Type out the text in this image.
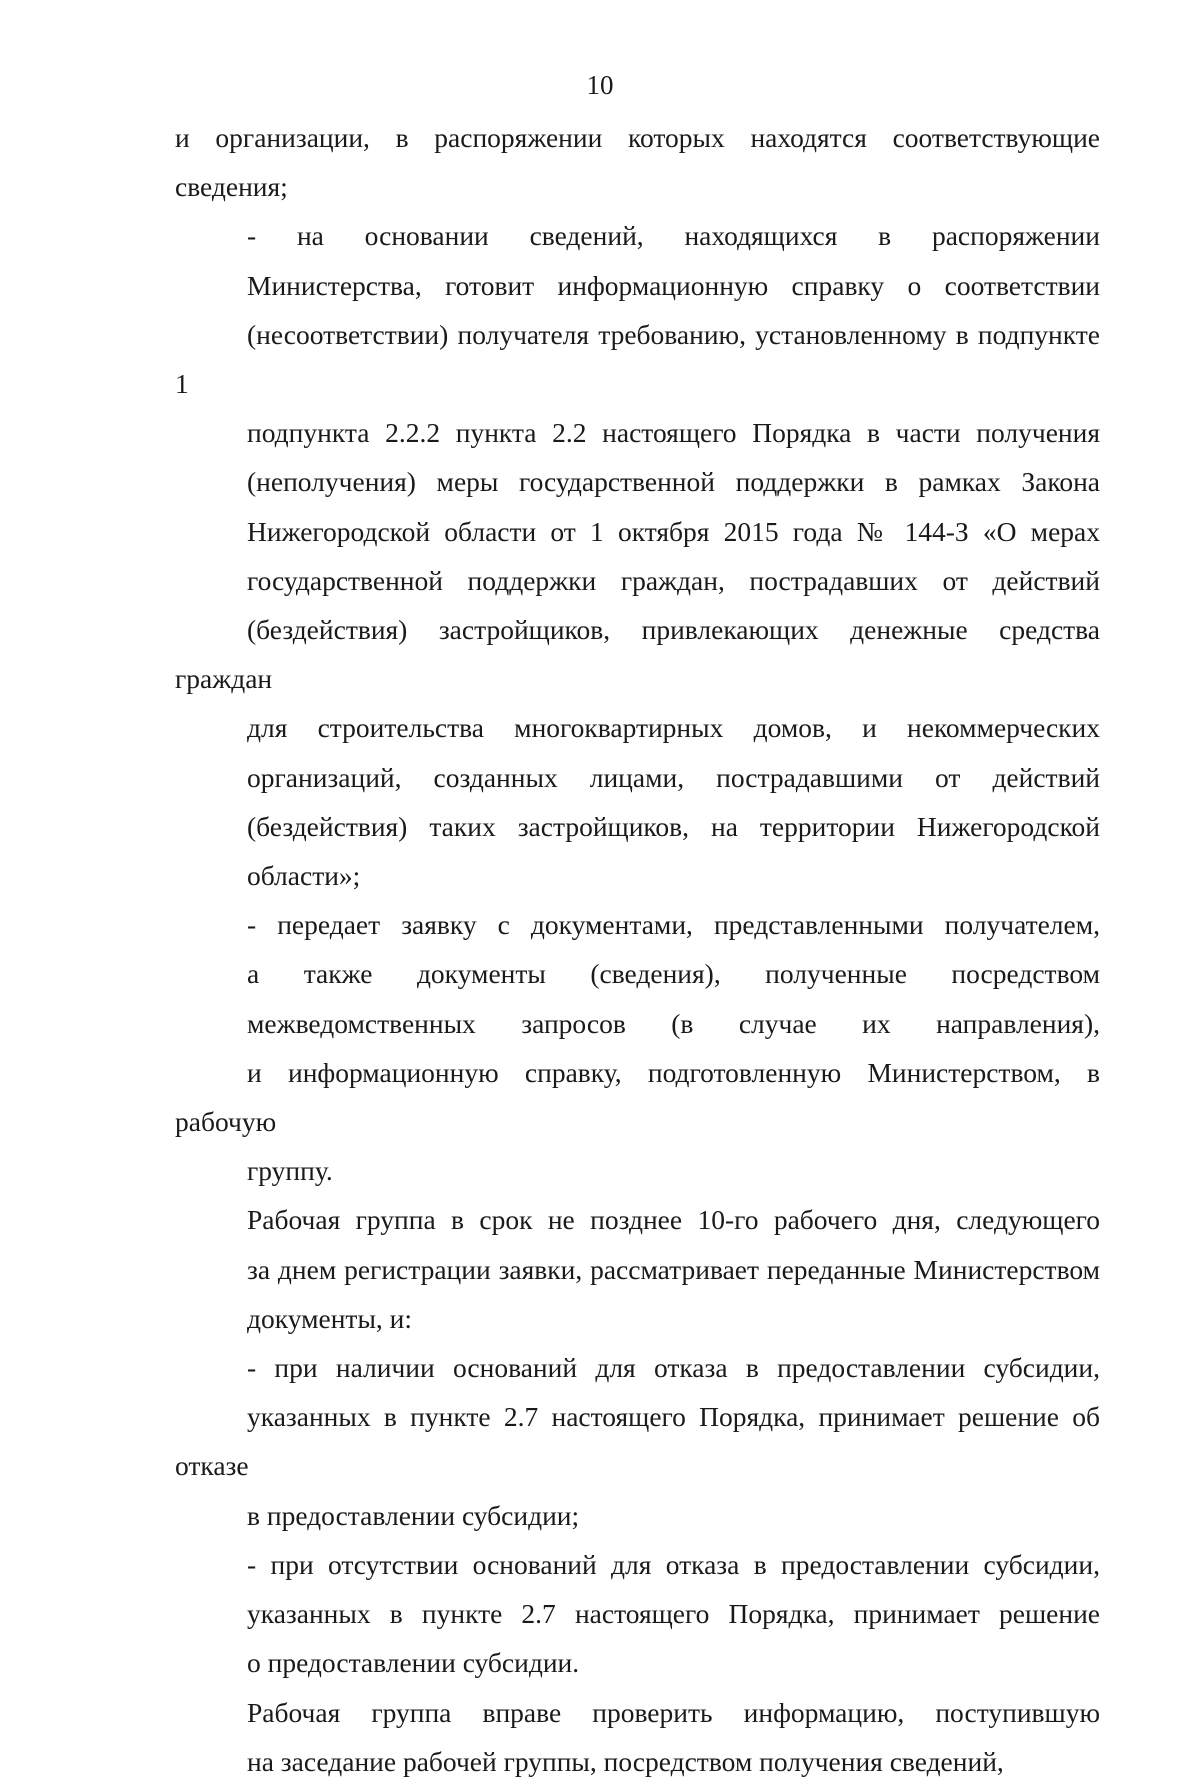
10

и организации, в распоряжении которых находятся соответствующие
сведения;

- на основании сведений, находящихся в распоряжении
Министерства, готовит информационную справку о соответствии
(несоответствии) получателя требованию, установленному в подпункте 1
подпункта 2.2.2 пункта 2.2 настоящего Порядка в части получения
(неполучения) меры государственной поддержки в рамках Закона
Нижегородской области от 1 октября 2015 года № 144-З «О мерах
государственной поддержки граждан, пострадавших от действий
(бездействия) застройщиков, привлекающих денежные средства граждан
для строительства многоквартирных домов, и некоммерческих
организаций, созданных лицами, пострадавшими от действий
(бездействия) таких застройщиков, на территории Нижегородской
области»;

- передает заявку с документами, представленными получателем,
а также документы (сведения), полученные посредством
межведомственных запросов (в случае их направления),
и информационную справку, подготовленную Министерством, в рабочую
группу.

Рабочая группа в срок не позднее 10-го рабочего дня, следующего
за днем регистрации заявки, рассматривает переданные Министерством
документы, и:

- при наличии оснований для отказа в предоставлении субсидии,
указанных в пункте 2.7 настоящего Порядка, принимает решение об отказе
в предоставлении субсидии;

- при отсутствии оснований для отказа в предоставлении субсидии,
указанных в пункте 2.7 настоящего Порядка, принимает решение
о предоставлении субсидии.

Рабочая группа вправе проверить информацию, поступившую
на заседание рабочей группы, посредством получения сведений,
